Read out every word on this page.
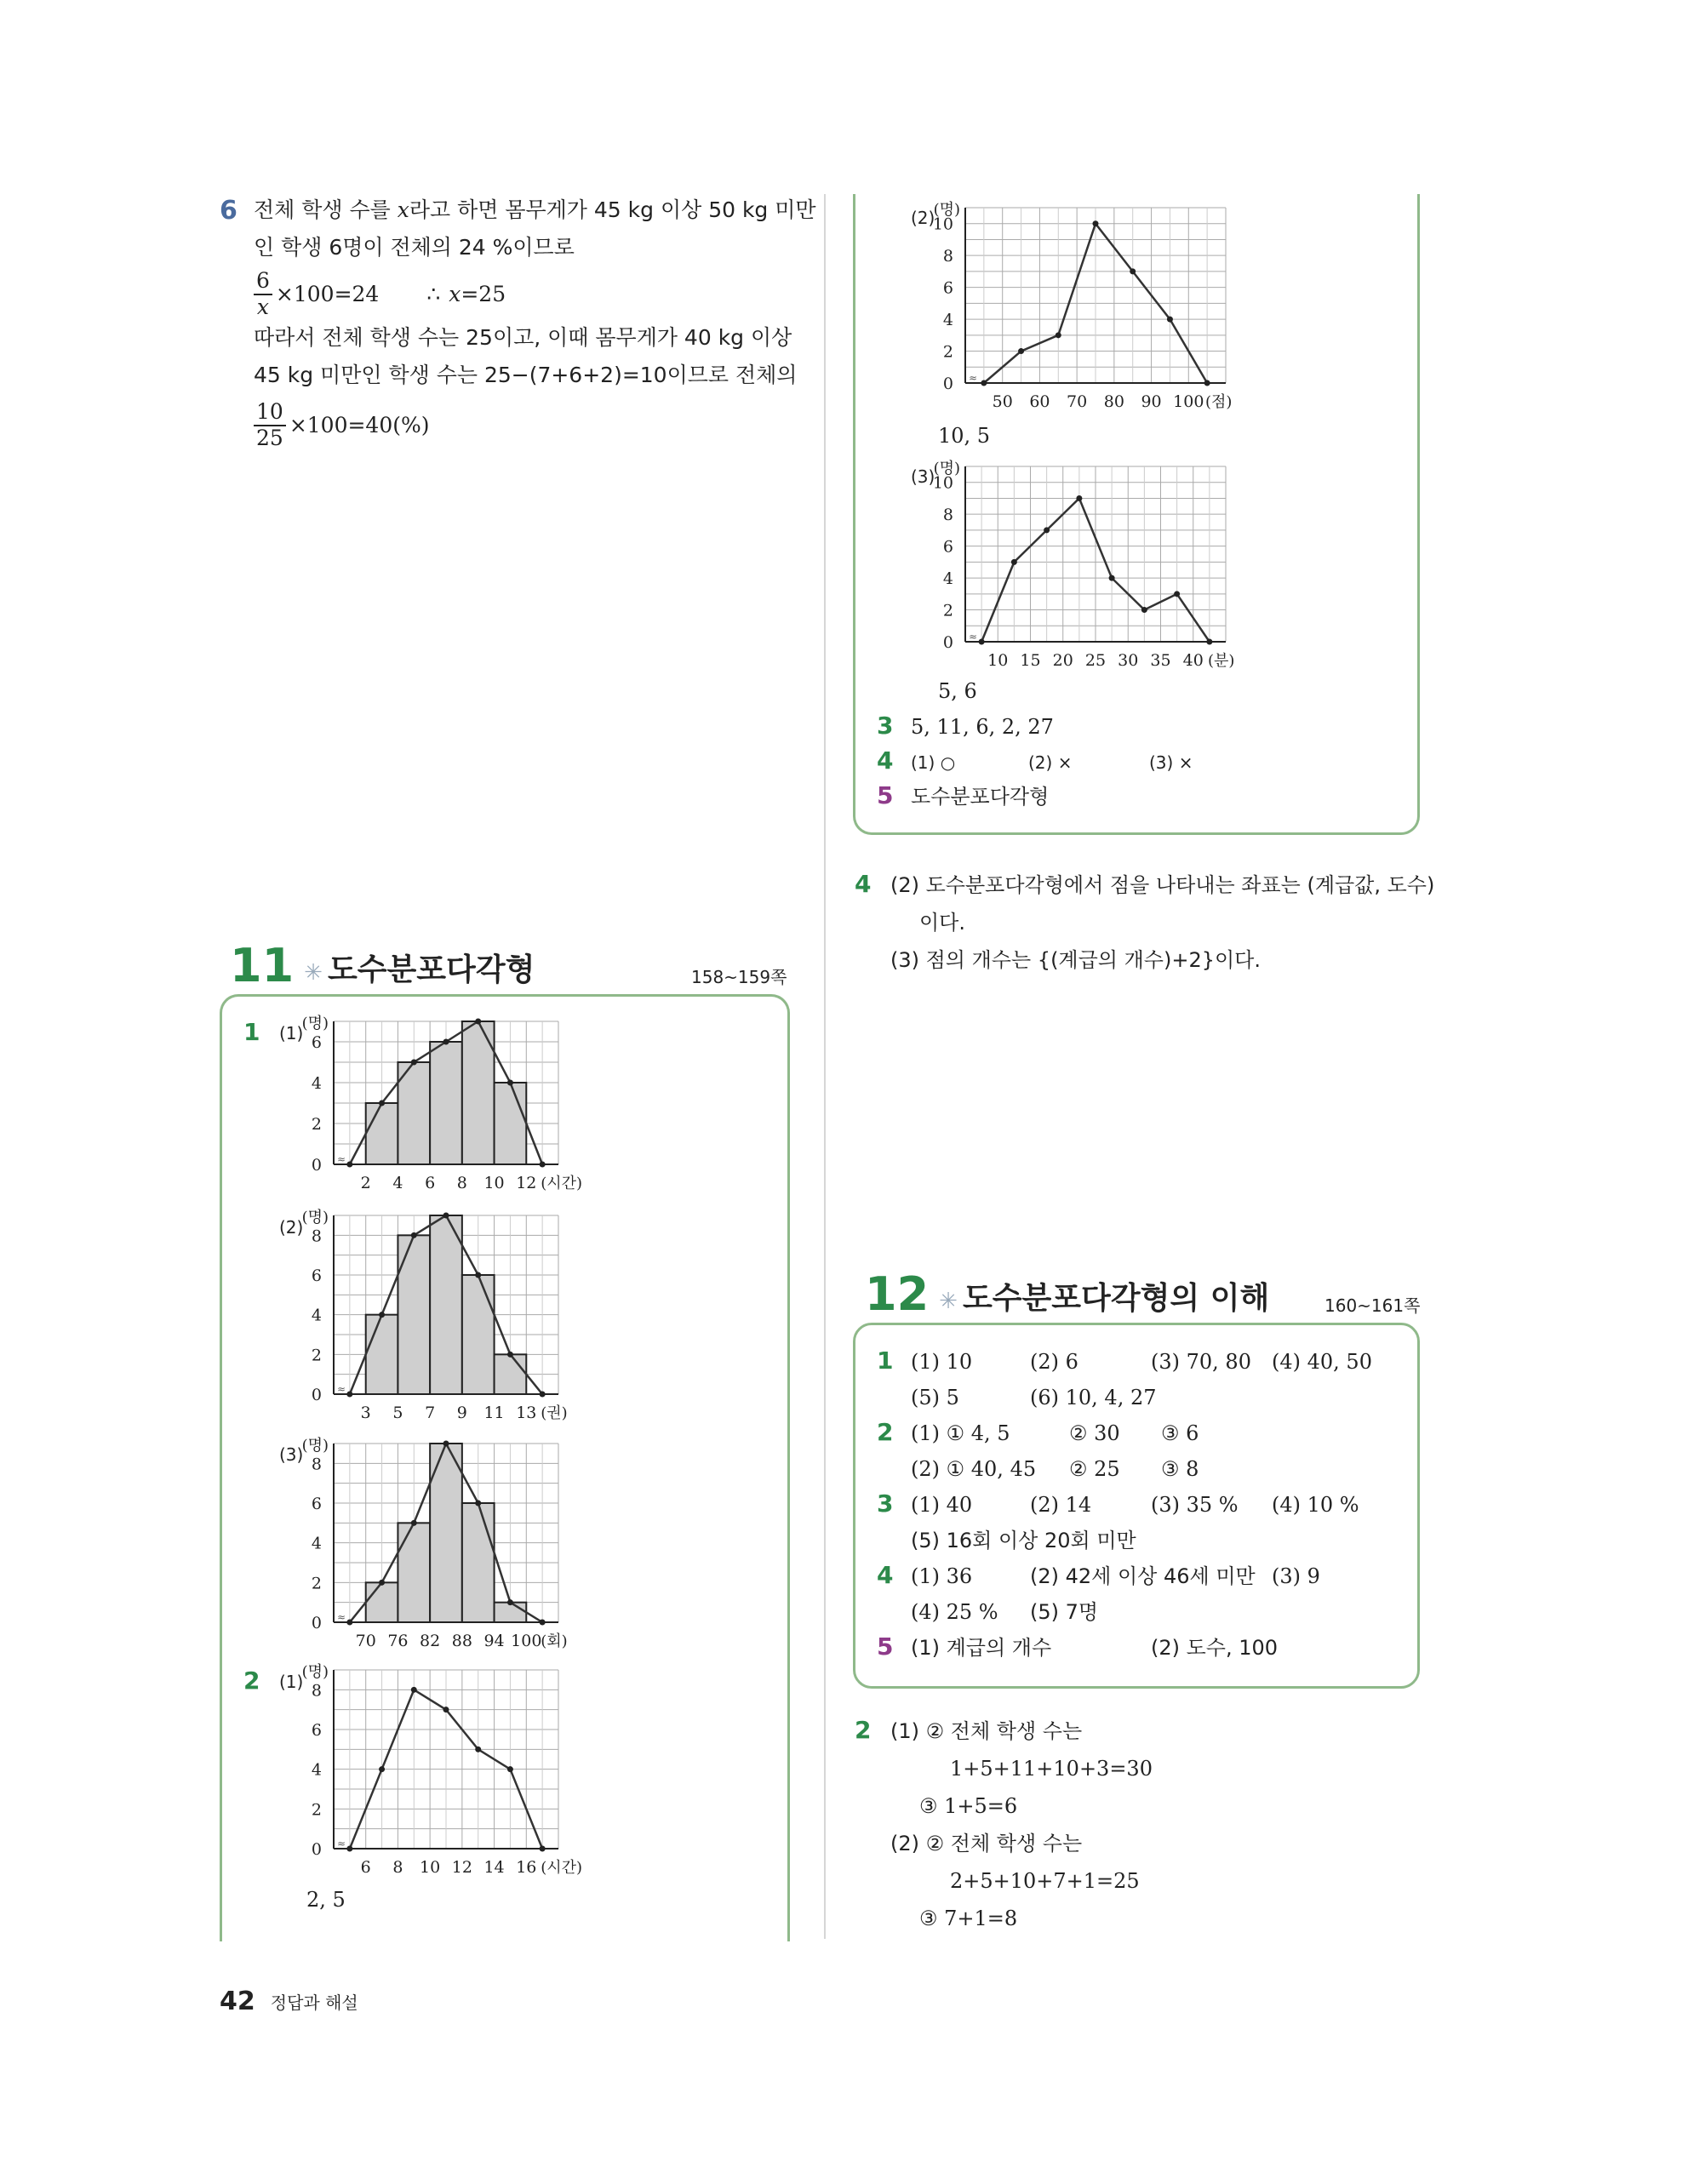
6 전체 학생 수를 x라고 하면 몸무게가 45 kg 이상 50 kg 미만
인 학생 6명이 전체의 24 %이므로
$\frac{6}{x} \times 100=24$ ∴ x =25
따라서 전체 학생 수는 25이고, 이때 몸무게가 40 kg 이상
45 kg 미만인 학생 수는 25−(7+6+2)=10이므로 전체의
$\frac{10}{25} \times 100=40(\%)$
11 ✳ 도수분포다각형	158~159쪽
1 (1)
(2)
(3)
2 (1)
0
2
4
6
(명)
≈
2 4 6 8 10 12 (시간)
0
2
4
6
8
(명)
≈
3 5 7 9 11 13 (권)
0
2
4
6
8
(명)
≈
70 76 82 88 94 100
(회)
0
2
4
6
8
(명)
≈
6 8 10 12 14 16 (시간)
2, 5
(2)
0
2
4
6
8
10
(명)
≈
50 60 70 80 90 100 (점)
10, 5
(3)
0
2
4
6
8
10
(명)
≈
10 15 20 25 30 35 40 (분)
5, 6
3 5, 11, 6, 2, 27
4 (1) ○	(2) ×	(3) ×
5 도수분포다각형
4 (2) 도수분포다각형에서 점을 나타내는 좌표는 (계급값, 도수)
이다.
(3) 점의 개수는 {(계급의 개수)+2}이다.
12 ✳ 도수분포다각형의 이해	160~161쪽
1 (1) 10	(2) 6	(3) 70, 80 (4) 40, 50
(5) 5	(6) 10, 4, 27
2 (1) ① 4, 5	② 30 ③ 6
(2) ① 40, 45 ② 25 ③ 8
3 (1) 40	(2) 14	(3) 35 % (4) 10 %
(5) 16회 이상 20회 미만
4 (1) 36	(2) 42세 이상 46세 미만 (3) 9
(4) 25 % (5) 7명
5 (1) 계급의 개수	(2) 도수, 100
2 (1) ② 전체 학생 수는
1+5+11+10+3=30
③ 1+5=6
(2) ② 전체 학생 수는
2+5+10+7+1=25
③ 7+1=8
42 정답과 해설
